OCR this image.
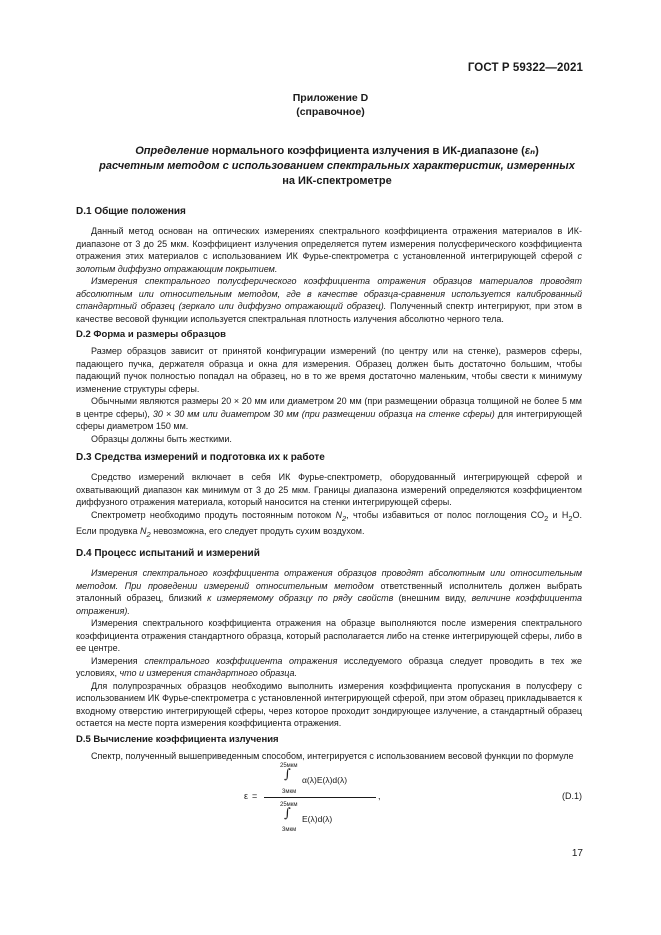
ГОСТ Р 59322—2021
Приложение D
(справочное)
Определение нормального коэффициента излучения в ИК-диапазоне (εₙ)
расчетным методом с использованием спектральных характеристик, измеренных
на ИК-спектрометре
D.1 Общие положения

Данный метод основан на оптических измерениях спектрального коэффициента отражения материалов в ИК-диапазоне от 3 до 25 мкм. Коэффициент излучения определяется путем измерения полусферического коэффициента отражения этих материалов с использованием ИК Фурье-спектрометра с установленной интегрирующей сферой с золотым диффузно отражающим покрытием.

Измерения спектрального полусферического коэффициента отражения образцов материалов проводят абсолютным или относительным методом, где в качестве образца-сравнения используется калиброванный стандартный образец (зеркало или диффузно отражающий образец). Полученный спектр интегрируют, при этом в качестве весовой функции используется спектральная плотность излучения абсолютно черного тела.

D.2 Форма и размеры образцов

Размер образцов зависит от принятой конфигурации измерений (по центру или на стенке), размеров сферы, падающего пучка, держателя образца и окна для измерения. Образец должен быть достаточно большим, чтобы падающий пучок полностью попадал на образец, но в то же время достаточно маленьким, чтобы свести к минимуму изменение структуры сферы.

Обычными являются размеры 20 × 20 мм или диаметром 20 мм (при размещении образца толщиной не более 5 мм в центре сферы), 30 × 30 мм или диаметром 30 мм (при размещении образца на стенке сферы) для интегрирующей сферы диаметром 150 мм.

Образцы должны быть жесткими.

D.3 Средства измерений и подготовка их к работе

Средство измерений включает в себя ИК Фурье-спектрометр, оборудованный интегрирующей сферой и охватывающий диапазон как минимум от 3 до 25 мкм. Границы диапазона измерений определяются коэффициентом диффузного отражения материала, который наносится на стенки интегрирующей сферы.

Спектрометр необходимо продуть постоянным потоком $N_2$, чтобы избавиться от полос поглощения $CO_2$ и $H_2O$. Если продувка $N_2$ невозможна, его следует продуть сухим воздухом.

D.4 Процесс испытаний и измерений

Измерения спектрального коэффициента отражения образцов проводят абсолютным или относительным методом. При проведении измерений относительным методом ответственный исполнитель должен выбрать эталонный образец, близкий к измеряемому образцу по ряду свойств (внешним виду, величине коэффициента отражения).

Измерения спектрального коэффициента отражения на образце выполняются после измерения спектрального коэффициента отражения стандартного образца, который располагается либо на стенке интегрирующей сферы, либо в ее центре.

Измерения спектрального коэффициента отражения исследуемого образца следует проводить в тех же условиях, что и измерения стандартного образца.

Для полупрозрачных образцов необходимо выполнить измерения коэффициента пропускания в полусферу с использованием ИК Фурье-спектрометра с установленной интегрирующей сферой, при этом образец прикладывается к входному отверстию интегрирующей сферы, через которое проходит зондирующее излучение, а стандартный образец остается на месте порта измерения коэффициента отражения.

D.5 Вычисление коэффициента излучения

Спектр, полученный вышеприведенным способом, интегрируется с использованием весовой функции по формуле

ε =
25мкм
∫ α(λ)E(λ)d(λ)
3мкм
25мкм
∫ E(λ)d(λ)
3мкм
,	(D.1)
17
